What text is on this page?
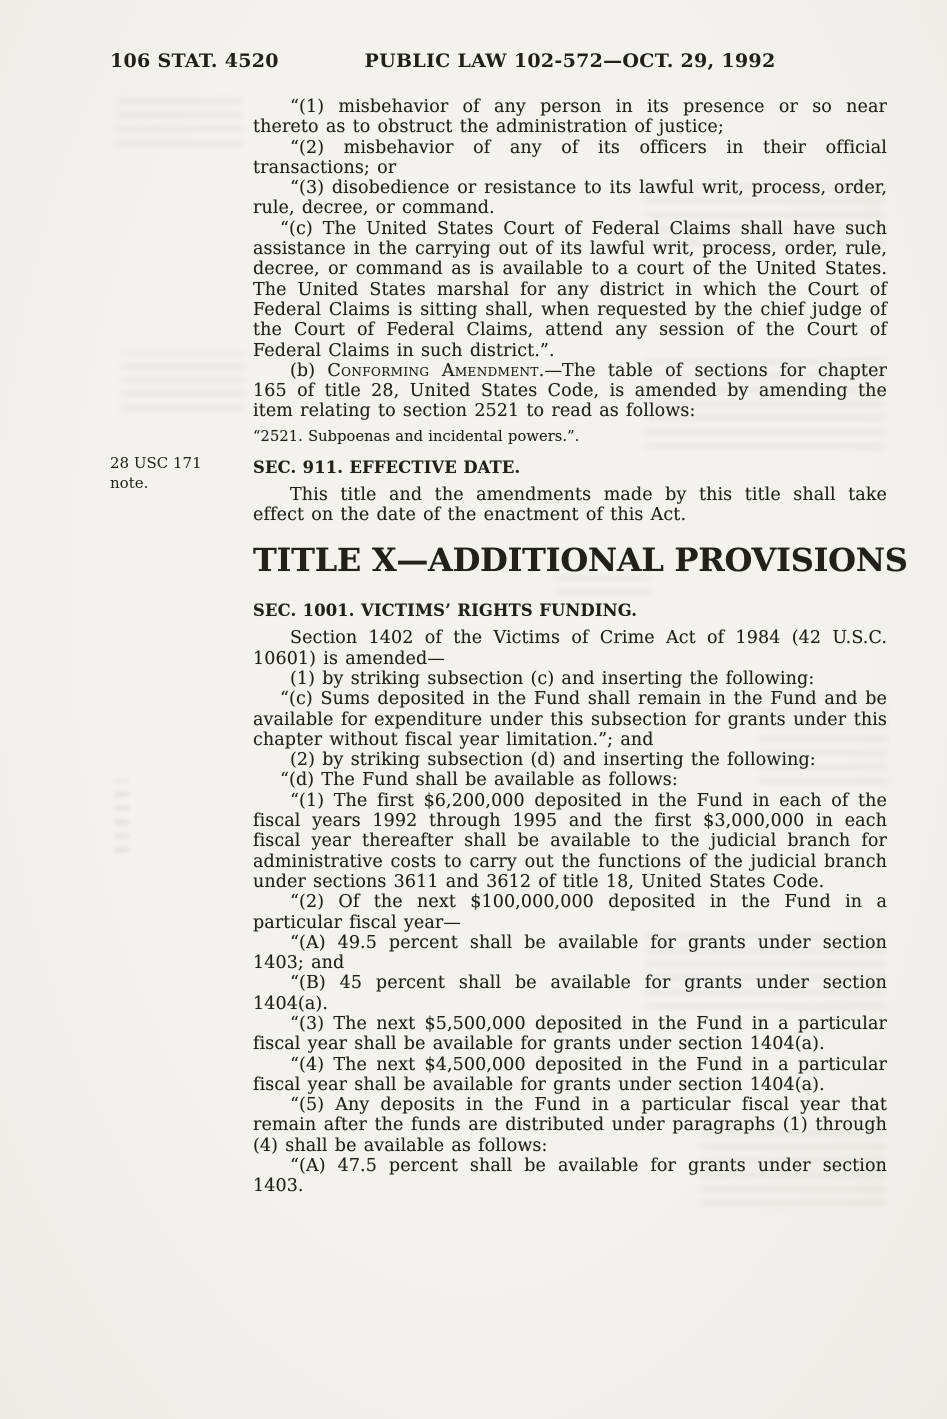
106 STAT. 4520	PUBLIC LAW 102-572—OCT. 29, 1992
28 USC 171
note.

“(1) misbehavior of any person in its presence or so near thereto as to obstruct the administration of justice;

“(2) misbehavior of any of its officers in their official transactions; or

“(3) disobedience or resistance to its lawful writ, process, order, rule, decree, or command.

“(c) The United States Court of Federal Claims shall have such assistance in the carrying out of its lawful writ, process, order, rule, decree, or command as is available to a court of the United States. The United States marshal for any district in which the Court of Federal Claims is sitting shall, when requested by the chief judge of the Court of Federal Claims, attend any session of the Court of Federal Claims in such district.”.

(b) Conforming Amendment.—The table of sections for chapter 165 of title 28, United States Code, is amended by amending the item relating to section 2521 to read as follows:

“2521. Subpoenas and incidental powers.”.

SEC. 911. EFFECTIVE DATE.

This title and the amendments made by this title shall take effect on the date of the enactment of this Act.

TITLE X—ADDITIONAL PROVISIONS

SEC. 1001. VICTIMS’ RIGHTS FUNDING.

Section 1402 of the Victims of Crime Act of 1984 (42 U.S.C. 10601) is amended—

(1) by striking subsection (c) and inserting the following:

“(c) Sums deposited in the Fund shall remain in the Fund and be available for expenditure under this subsection for grants under this chapter without fiscal year limitation.”; and

(2) by striking subsection (d) and inserting the following:

“(d) The Fund shall be available as follows:

“(1) The first $6,200,000 deposited in the Fund in each of the fiscal years 1992 through 1995 and the first $3,000,000 in each fiscal year thereafter shall be available to the judicial branch for administrative costs to carry out the functions of the judicial branch under sections 3611 and 3612 of title 18, United States Code.

“(2) Of the next $100,000,000 deposited in the Fund in a particular fiscal year—

“(A) 49.5 percent shall be available for grants under section 1403; and

“(B) 45 percent shall be available for grants under section 1404(a).

“(3) The next $5,500,000 deposited in the Fund in a particular fiscal year shall be available for grants under section 1404(a).

“(4) The next $4,500,000 deposited in the Fund in a particular fiscal year shall be available for grants under section 1404(a).

“(5) Any deposits in the Fund in a particular fiscal year that remain after the funds are distributed under paragraphs (1) through (4) shall be available as follows:

“(A) 47.5 percent shall be available for grants under section 1403.
